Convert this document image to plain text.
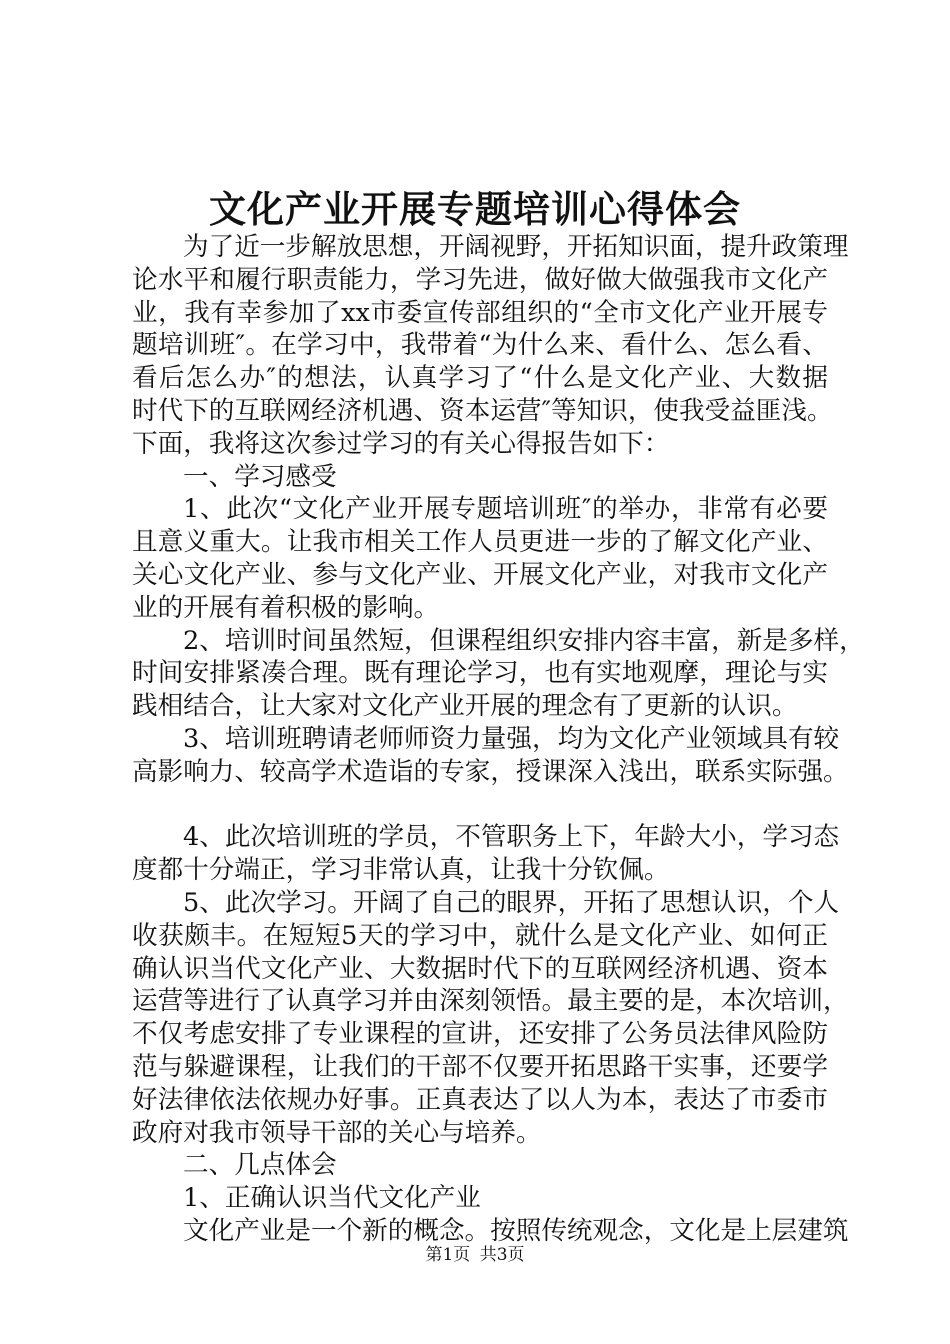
文化产业开展专题培训心得体会
为了近一步解放思想，开阔视野，开拓知识面，提升政策理
论水平和履行职责能力，学习先进，做好做大做强我市文化产
业，我有幸参加了xx市委宣传部组织的“全市文化产业开展专
题培训班″。在学习中，我带着“为什么来、看什么、怎么看、
看后怎么办″的想法，认真学习了“什么是文化产业、大数据
时代下的互联网经济机遇、资本运营″等知识，使我受益匪浅。
下面，我将这次参过学习的有关心得报告如下：
一、学习感受
1、此次“文化产业开展专题培训班″的举办，非常有必要
且意义重大。让我市相关工作人员更进一步的了解文化产业、
关心文化产业、参与文化产业、开展文化产业，对我市文化产
业的开展有着积极的影响。
2、培训时间虽然短，但课程组织安排内容丰富，新是多样，
时间安排紧凑合理。既有理论学习，也有实地观摩，理论与实
践相结合，让大家对文化产业开展的理念有了更新的认识。
3、培训班聘请老师师资力量强，均为文化产业领域具有较
高影响力、较高学术造诣的专家，授课深入浅出，联系实际强。
4、此次培训班的学员，不管职务上下，年龄大小，学习态
度都十分端正，学习非常认真，让我十分钦佩。
5、此次学习。开阔了自己的眼界，开拓了思想认识，个人
收获颇丰。在短短5天的学习中，就什么是文化产业、如何正
确认识当代文化产业、大数据时代下的互联网经济机遇、资本
运营等进行了认真学习并由深刻领悟。最主要的是，本次培训，
不仅考虑安排了专业课程的宣讲，还安排了公务员法律风险防
范与躲避课程，让我们的干部不仅要开拓思路干实事，还要学
好法律依法依规办好事。正真表达了以人为本，表达了市委市
政府对我市领导干部的关心与培养。
二、几点体会
1、正确认识当代文化产业
文化产业是一个新的概念。按照传统观念，文化是上层建筑
第1页 共3页
